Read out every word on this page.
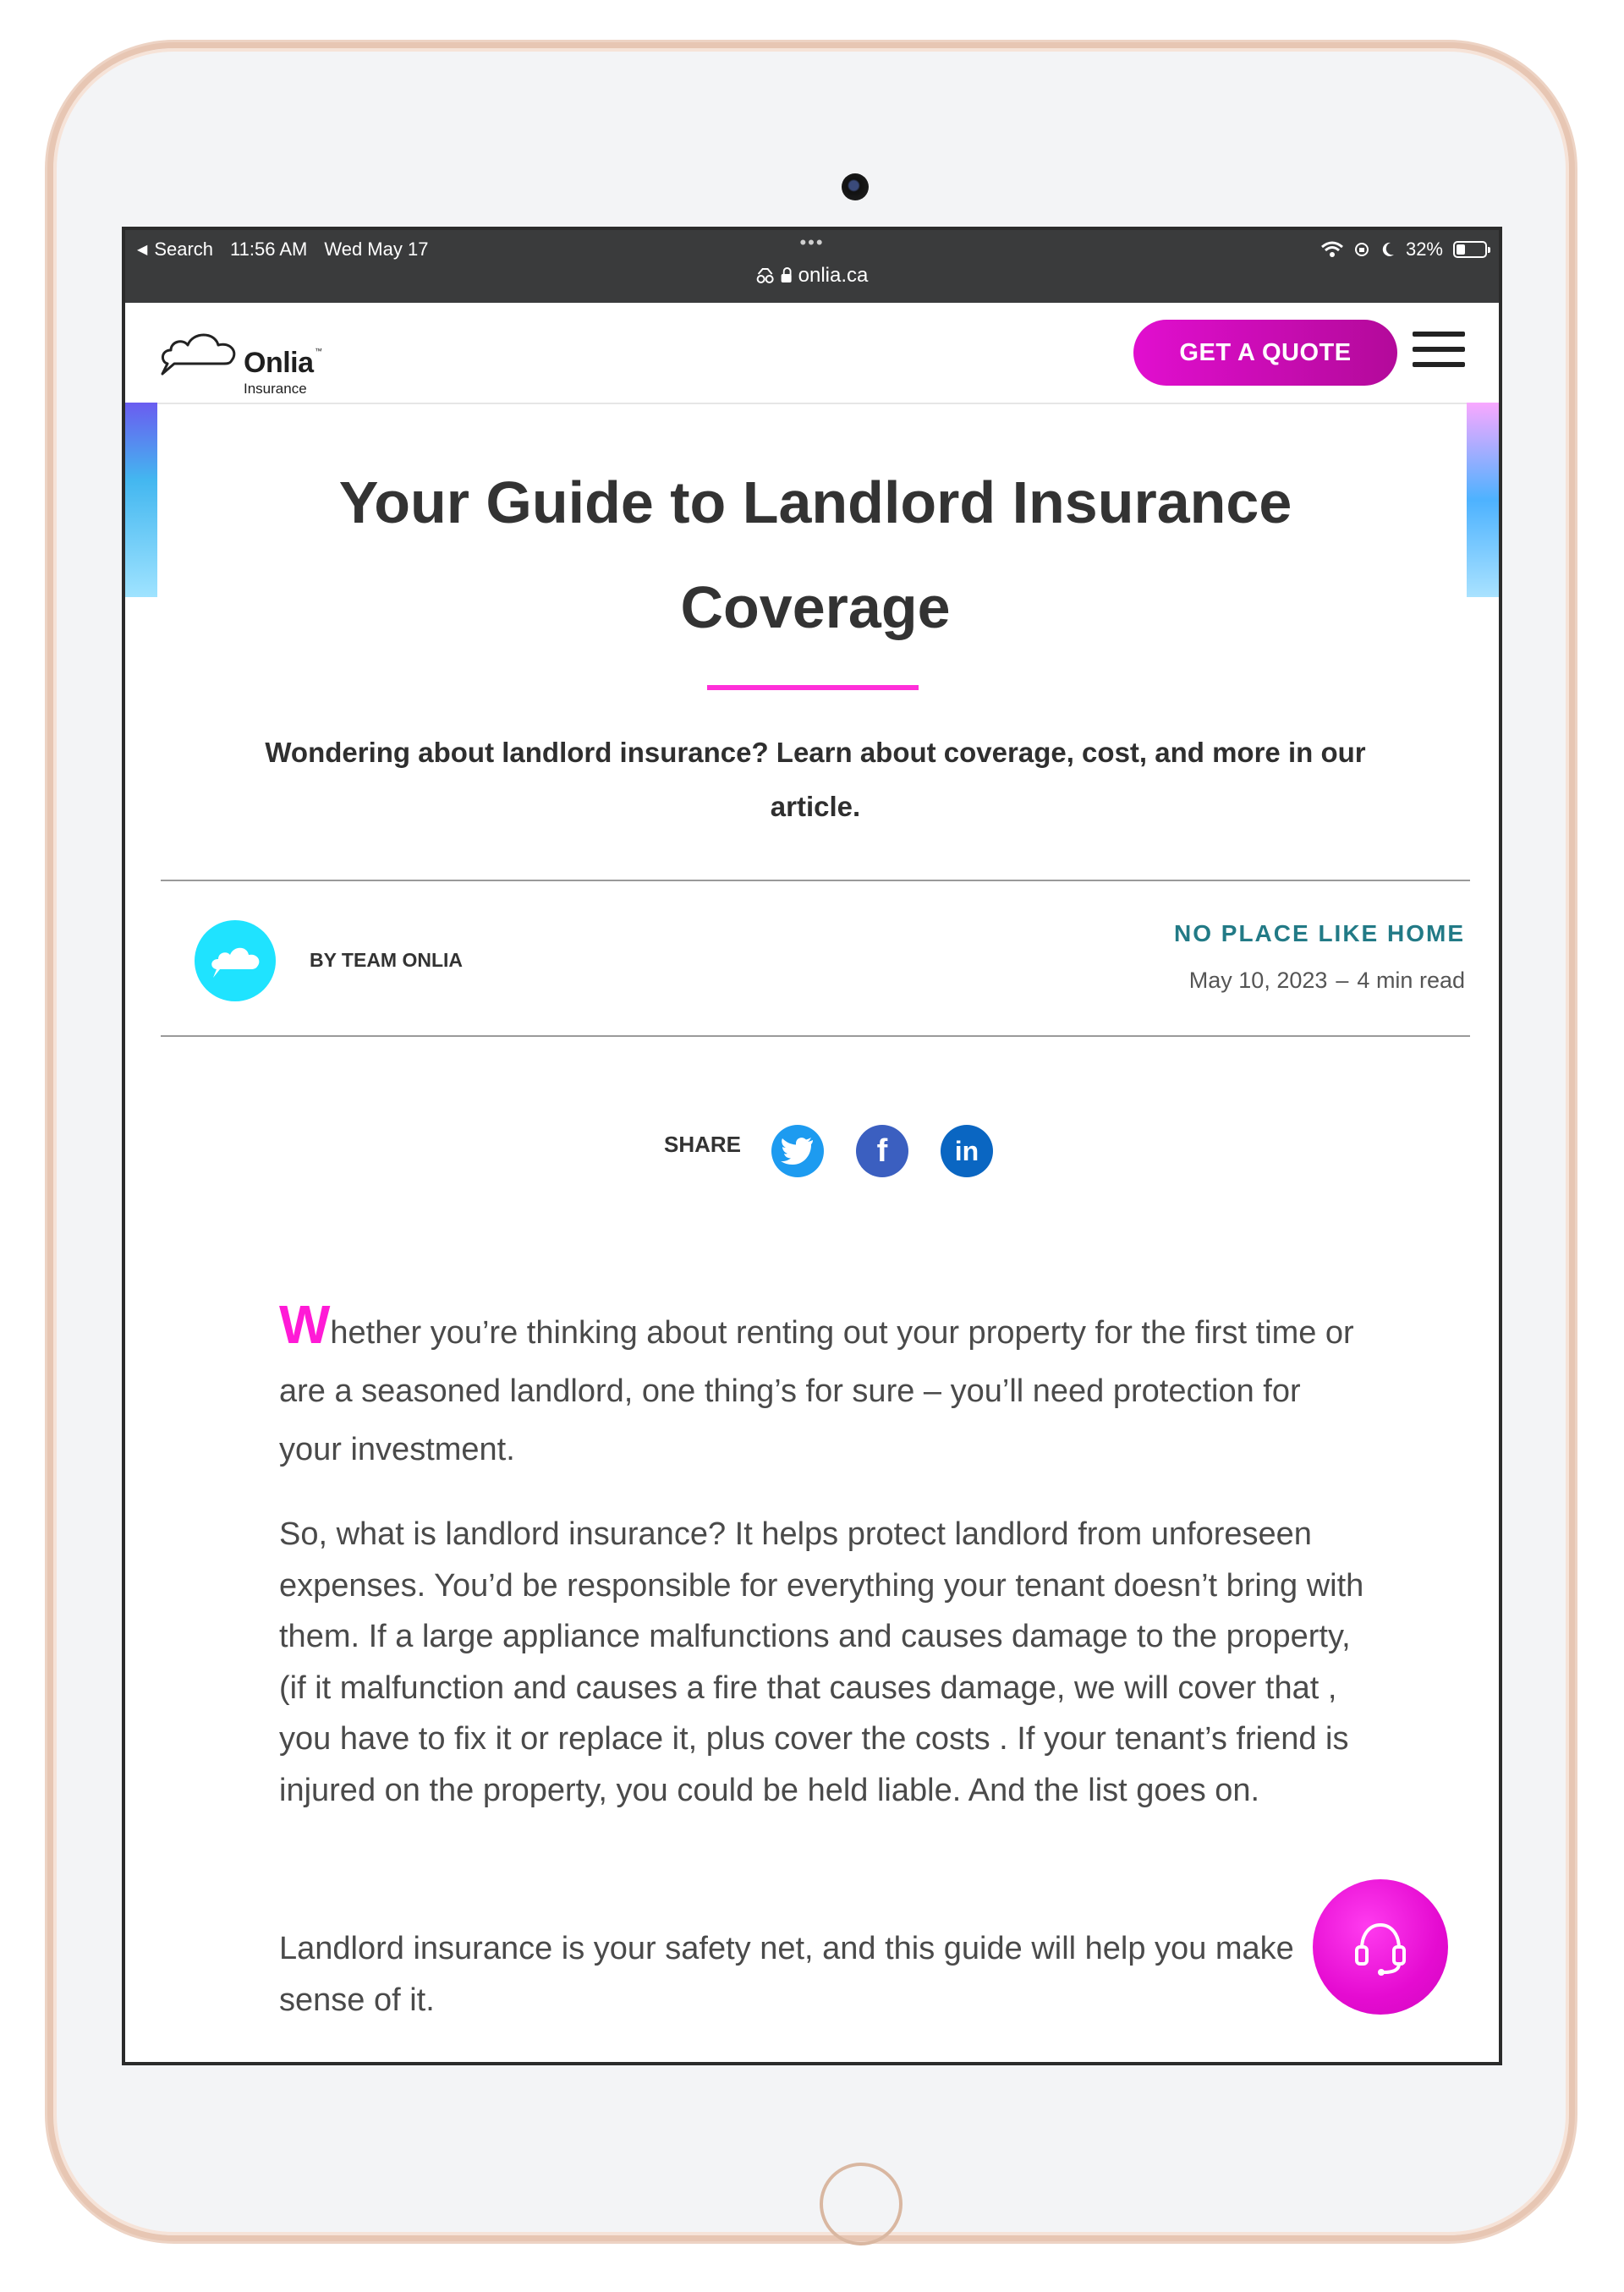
◀ Search 11:56 AM Wed May 17	•••
onlia.ca
32%
Onlia ™
Insurance
GET A QUOTE
Your Guide to Landlord Insurance
Coverage
Wondering about landlord insurance? Learn about coverage, cost, and more in our
article.
BY TEAM ONLIA
NO PLACE LIKE HOME
May 10, 2023 – 4 min read
SHARE	f in
Whether you’re thinking about renting out your property for the first time or are a seasoned landlord, one thing’s for sure – you’ll need protection for your investment.
So, what is landlord insurance? It helps protect landlord from unforeseen expenses. You’d be responsible for everything your tenant doesn’t bring with them. If a large appliance malfunctions and causes damage to the property, (if it malfunction and causes a fire that causes damage, we will cover that , you have to fix it or replace it, plus cover the costs . If your tenant’s friend is injured on the property, you could be held liable. And the list goes on.
Landlord insurance is your safety net, and this guide will help you make sense of it.
